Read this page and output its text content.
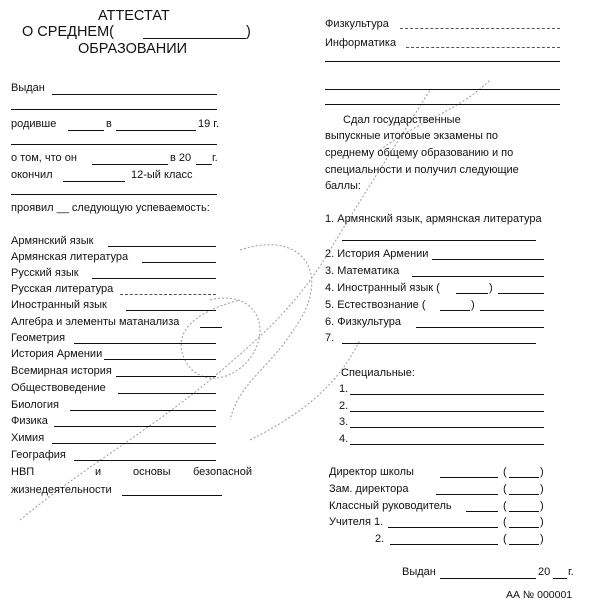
АТТЕСТАТ
О СРЕДНЕМ(	)
ОБРАЗОВАНИИ
Выдан
родивше	в	19 г.
о том, что он	в 20 г.
окончил	12-ый класс
проявил __ следующую успеваемость:
Армянский язык
Армянская литература
Русский язык
Русская литература
Иностранный язык
Алгебра и элементы матанализа
Геометрия
История Армении
Всемирная история
Обществоведение
Биология
Физика
Химия
География
НВП	и	основы безопасной
жизнедеятельности
Физкультура
Информатика
Сдал государственные
выпускные итоговые экзамены по
среднему общему образованию и по
специальности и получил следующие
баллы:
1. Армянский язык, армянская литература
2. История Армении
3. Математика
4. Иностранный язык (	)
5. Естествознание (	)
6. Физкультура
7.
Специальные:
1.
2.
3.
4.
Директор школы	(	)
Зам. директора	(	)
Классный руководитель	(	)
Учителя 1.	(	)
2.	(	)
Выдан	20 г.
АА № 000001
